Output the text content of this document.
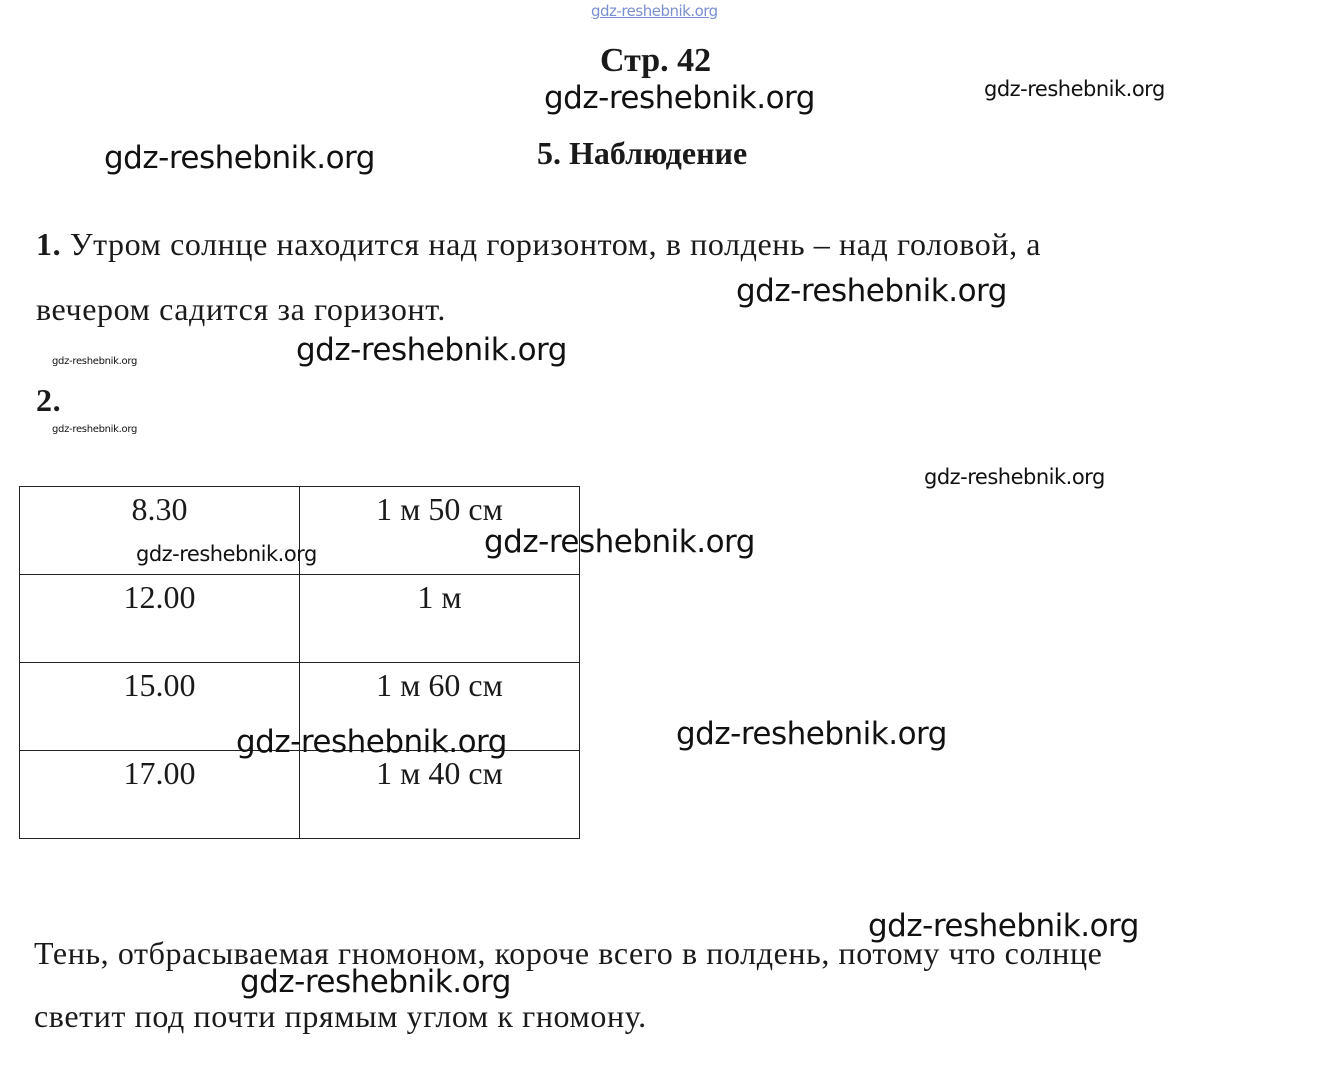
Стр. 42
5. Наблюдение
1. Утром солнце находится над горизонтом, в полдень – над головой, а
вечером садится за горизонт.
2.
8.30	1 м 50 см
12.00	1 м
15.00	1 м 60 см
17.00	1 м 40 см
Тень, отбрасываемая гномоном, короче всего в полдень, потому что солнце
светит под почти прямым углом к гномону.
gdz-reshebnik.org
gdz-reshebnik.org	gdz-reshebnik.org
gdz-reshebnik.org
gdz-reshebnik.org
gdz-reshebnik.org
gdz-reshebnik.org
gdz-reshebnik.org
gdz-reshebnik.org
gdz-reshebnik.org	gdz-reshebnik.org
gdz-reshebnik.org
gdz-reshebnik.org
gdz-reshebnik.org
gdz-reshebnik.org
